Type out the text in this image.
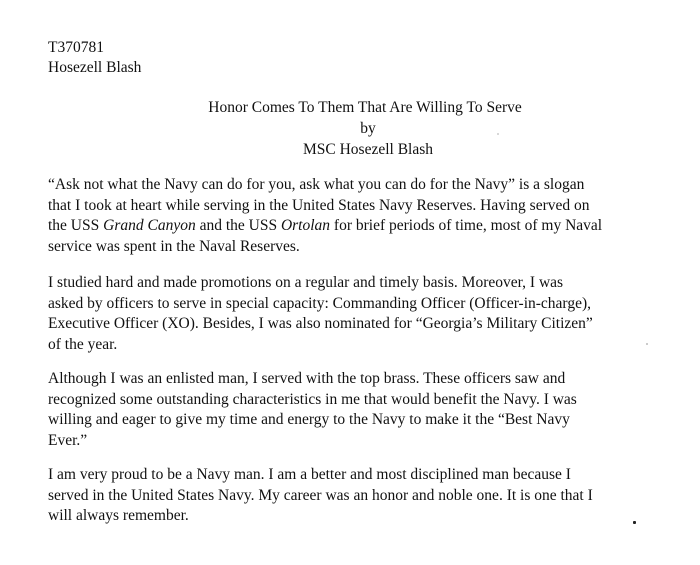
T370781
Hosezell Blash
Honor Comes To Them That Are Willing To Serve
by
MSC Hosezell Blash
“Ask not what the Navy can do for you, ask what you can do for the Navy” is a slogan
that I took at heart while serving in the United States Navy Reserves. Having served on
the USS Grand Canyon and the USS Ortolan for brief periods of time, most of my Naval
service was spent in the Naval Reserves.
I studied hard and made promotions on a regular and timely basis. Moreover, I was
asked by officers to serve in special capacity: Commanding Officer (Officer-in-charge),
Executive Officer (XO). Besides, I was also nominated for “Georgia’s Military Citizen”
of the year.
Although I was an enlisted man, I served with the top brass. These officers saw and
recognized some outstanding characteristics in me that would benefit the Navy. I was
willing and eager to give my time and energy to the Navy to make it the “Best Navy
Ever.”
I am very proud to be a Navy man. I am a better and most disciplined man because I
served in the United States Navy. My career was an honor and noble one. It is one that I
will always remember.
